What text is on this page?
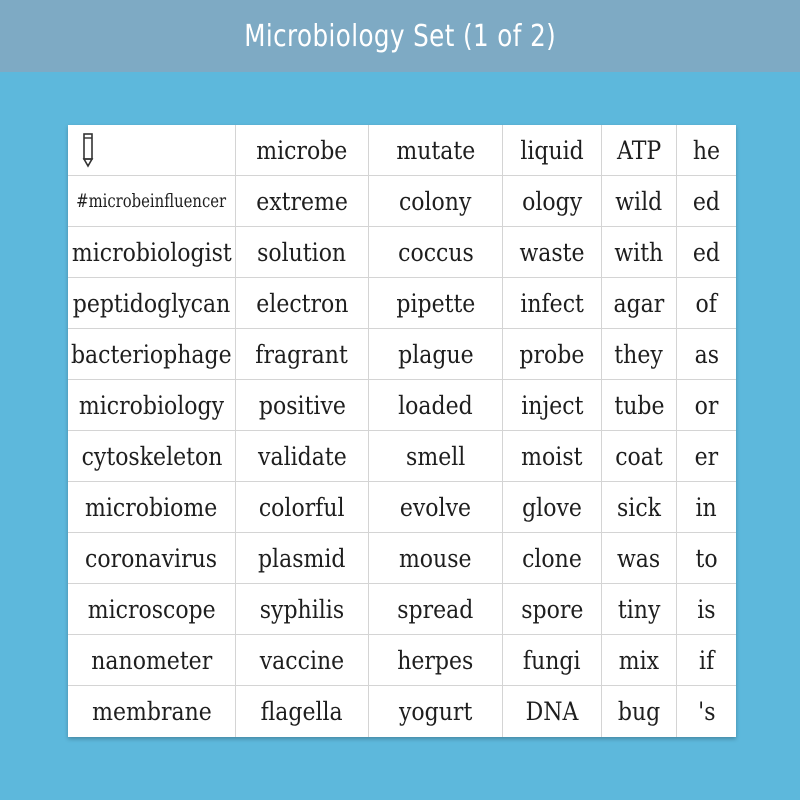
Microbiology Set (1 of 2)
microbe mutate liquid ATP he
#microbeinfluencer extreme colony ology wild ed
microbiologist solution coccus waste with ed
peptidoglycan electron pipette infect agar of
bacteriophage fragrant plague probe they as
microbiology positive loaded inject tube or
cytoskeleton validate smell moist coat er
microbiome colorful evolve glove sick in
coronavirus plasmid mouse clone was to
microscope syphilis spread spore tiny is
nanometer vaccine herpes fungi mix if
membrane flagella yogurt DNA bug 's
